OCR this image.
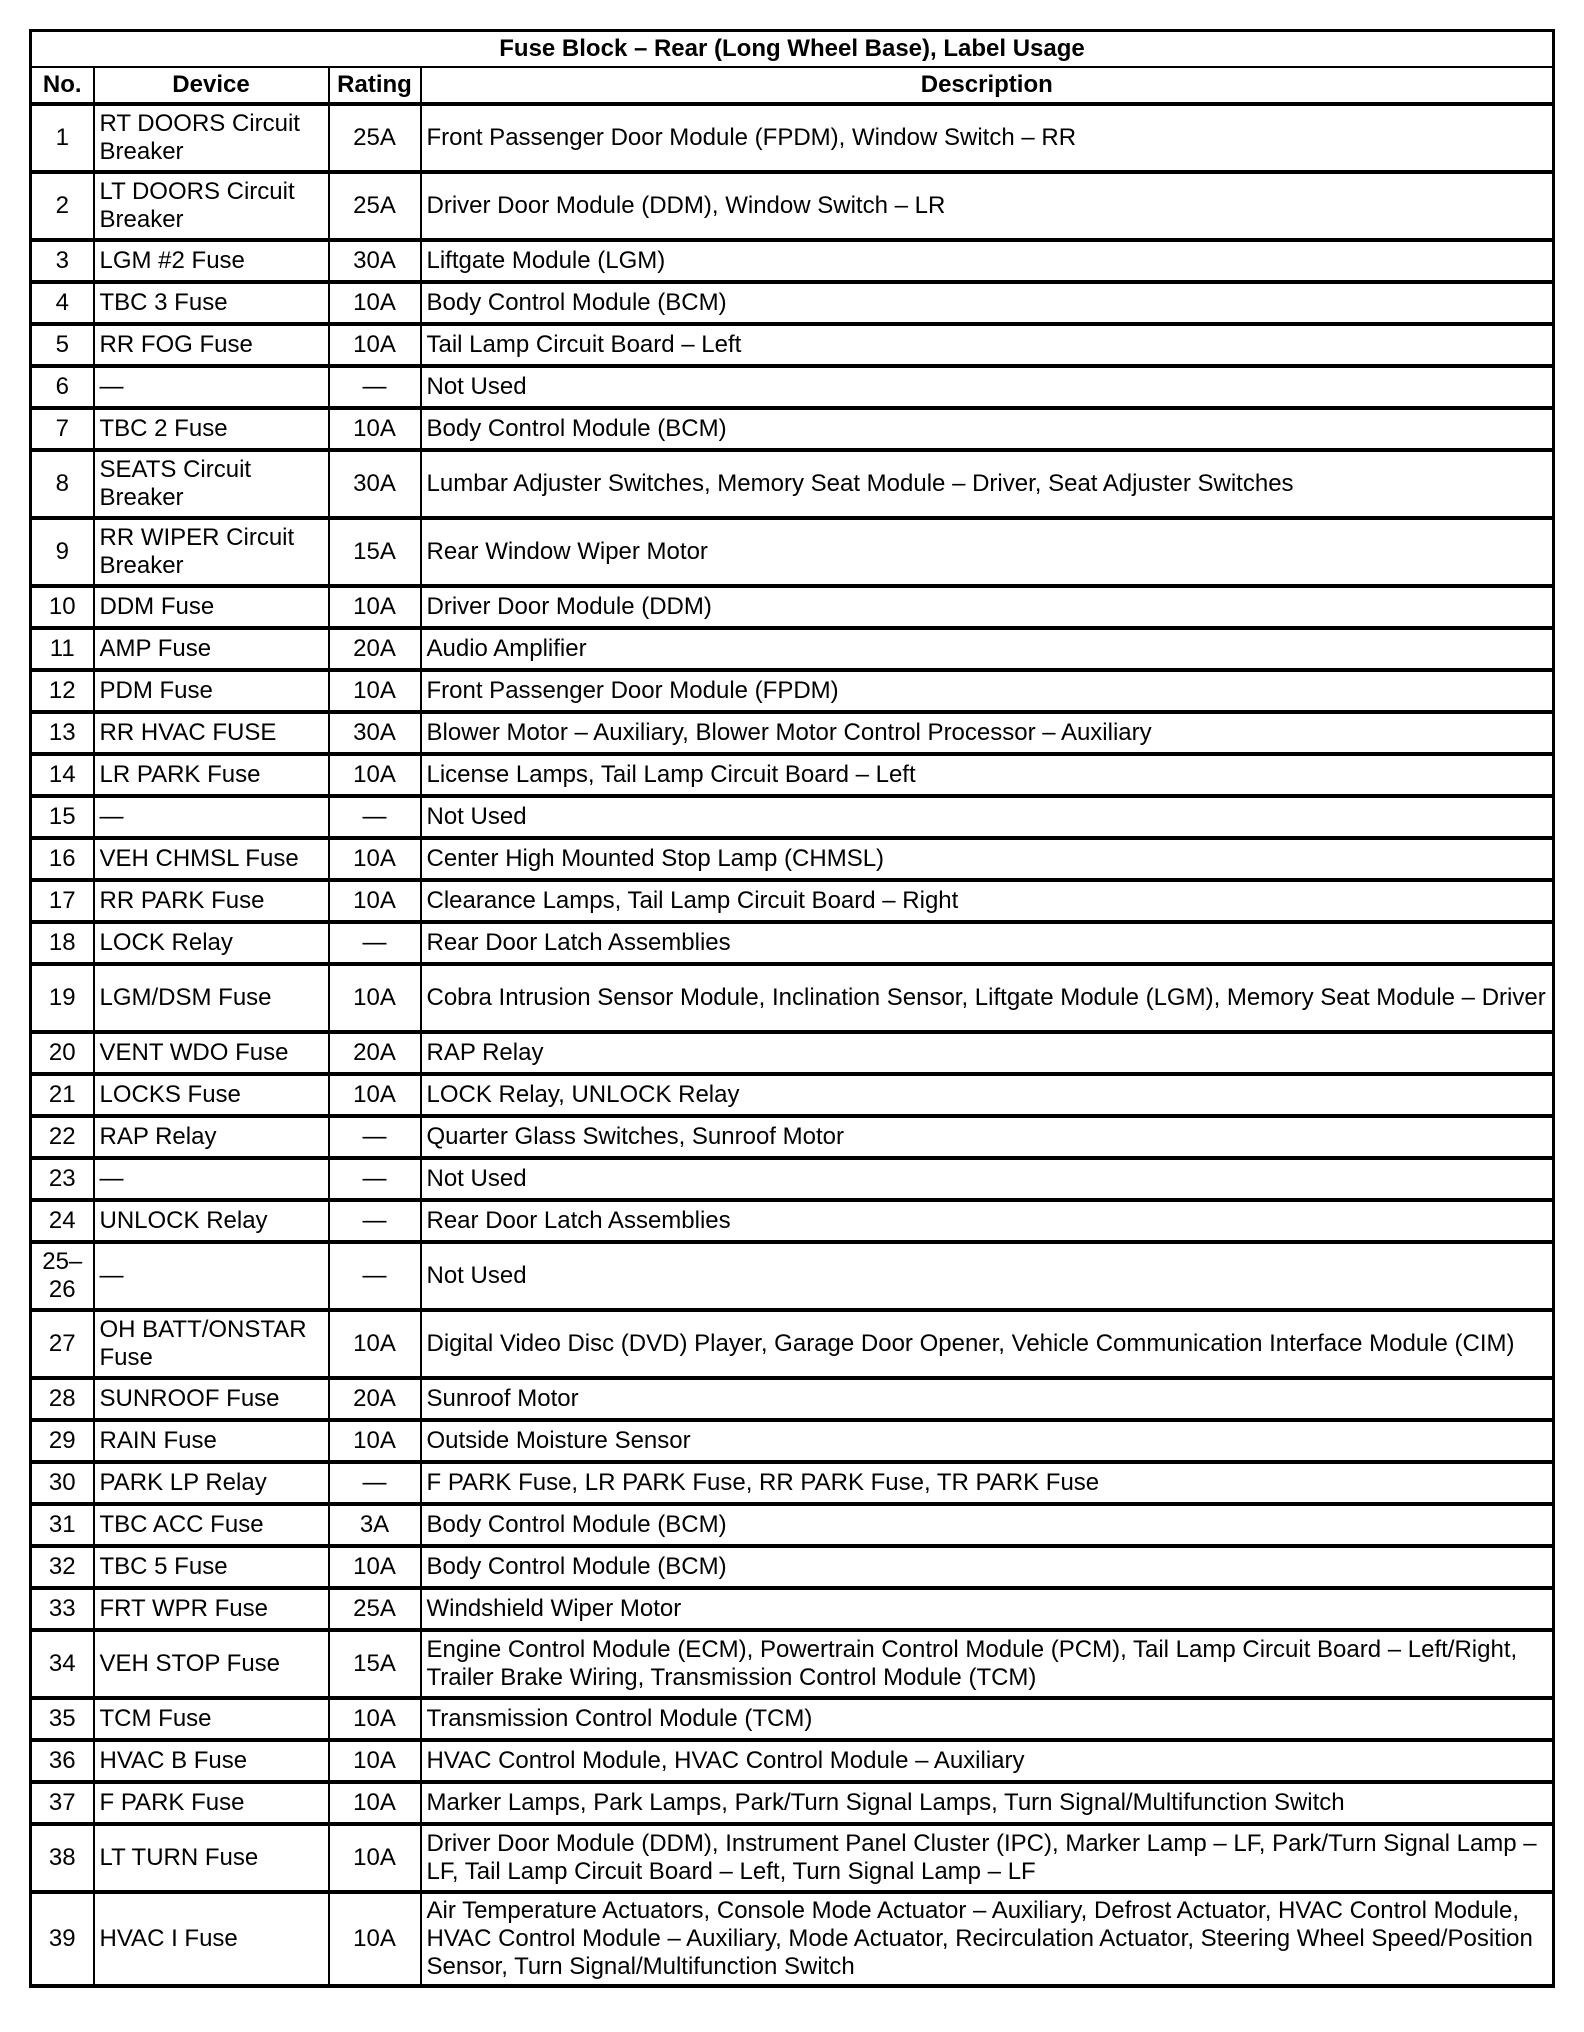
Fuse Block – Rear (Long Wheel Base), Label Usage			
No.	Device	Rating	Description
1	RT DOORS Circuit Breaker	25A	Front Passenger Door Module (FPDM), Window Switch – RR
2	LT DOORS Circuit Breaker	25A	Driver Door Module (DDM), Window Switch – LR
3	LGM #2 Fuse	30A	Liftgate Module (LGM)
4	TBC 3 Fuse	10A	Body Control Module (BCM)
5	RR FOG Fuse	10A	Tail Lamp Circuit Board – Left
6	—	—	Not Used
7	TBC 2 Fuse	10A	Body Control Module (BCM)
8	SEATS Circuit Breaker	30A	Lumbar Adjuster Switches, Memory Seat Module – Driver, Seat Adjuster Switches
9	RR WIPER Circuit Breaker	15A	Rear Window Wiper Motor
10	DDM Fuse	10A	Driver Door Module (DDM)
11	AMP Fuse	20A	Audio Amplifier
12	PDM Fuse	10A	Front Passenger Door Module (FPDM)
13	RR HVAC FUSE	30A	Blower Motor – Auxiliary, Blower Motor Control Processor – Auxiliary
14	LR PARK Fuse	10A	License Lamps, Tail Lamp Circuit Board – Left
15	—	—	Not Used
16	VEH CHMSL Fuse	10A	Center High Mounted Stop Lamp (CHMSL)
17	RR PARK Fuse	10A	Clearance Lamps, Tail Lamp Circuit Board – Right
18	LOCK Relay	—	Rear Door Latch Assemblies
19	LGM/DSM Fuse	10A	Cobra Intrusion Sensor Module, Inclination Sensor, Liftgate Module (LGM), Memory Seat Module – Driver
20	VENT WDO Fuse	20A	RAP Relay
21	LOCKS Fuse	10A	LOCK Relay, UNLOCK Relay
22	RAP Relay	—	Quarter Glass Switches, Sunroof Motor
23	—	—	Not Used
24	UNLOCK Relay	—	Rear Door Latch Assemblies
25–26	—	—	Not Used
27	OH BATT/ONSTAR Fuse	10A	Digital Video Disc (DVD) Player, Garage Door Opener, Vehicle Communication Interface Module (CIM)
28	SUNROOF Fuse	20A	Sunroof Motor
29	RAIN Fuse	10A	Outside Moisture Sensor
30	PARK LP Relay	—	F PARK Fuse, LR PARK Fuse, RR PARK Fuse, TR PARK Fuse
31	TBC ACC Fuse	3A	Body Control Module (BCM)
32	TBC 5 Fuse	10A	Body Control Module (BCM)
33	FRT WPR Fuse	25A	Windshield Wiper Motor
34	VEH STOP Fuse	15A	Engine Control Module (ECM), Powertrain Control Module (PCM), Tail Lamp Circuit Board – Left/Right, Trailer Brake Wiring, Transmission Control Module (TCM)
35	TCM Fuse	10A	Transmission Control Module (TCM)
36	HVAC B Fuse	10A	HVAC Control Module, HVAC Control Module – Auxiliary
37	F PARK Fuse	10A	Marker Lamps, Park Lamps, Park/Turn Signal Lamps, Turn Signal/Multifunction Switch
38	LT TURN Fuse	10A	Driver Door Module (DDM), Instrument Panel Cluster (IPC), Marker Lamp – LF, Park/Turn Signal Lamp – LF, Tail Lamp Circuit Board – Left, Turn Signal Lamp – LF
39	HVAC I Fuse	10A	Air Temperature Actuators, Console Mode Actuator – Auxiliary, Defrost Actuator, HVAC Control Module, HVAC Control Module – Auxiliary, Mode Actuator, Recirculation Actuator, Steering Wheel Speed/Position Sensor, Turn Signal/Multifunction Switch
